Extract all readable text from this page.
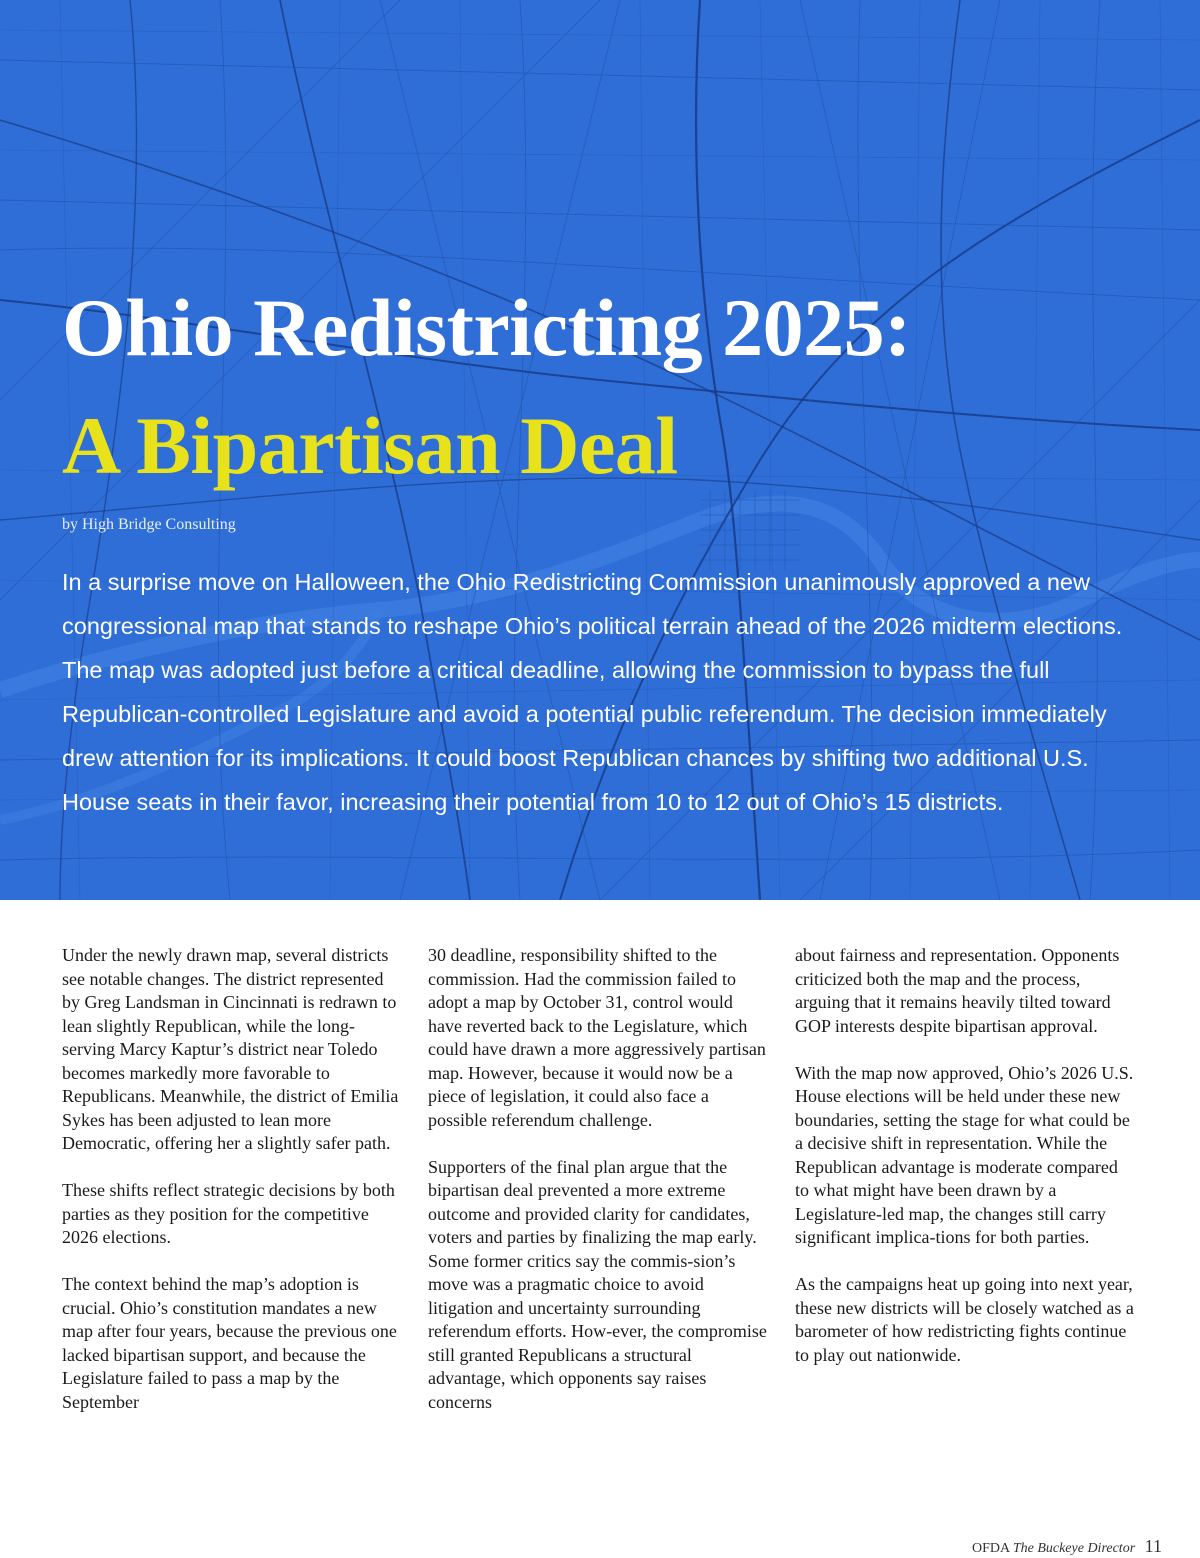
Ohio Redistricting 2025:
A Bipartisan Deal
by High Bridge Consulting
In a surprise move on Halloween, the Ohio Redistricting Commission unanimously approved a new congressional map that stands to reshape Ohio’s political terrain ahead of the 2026 midterm elections. The map was adopted just before a critical deadline, allowing the commission to bypass the full Republican-controlled Legislature and avoid a potential public referendum. The decision immediately drew attention for its implications. It could boost Republican chances by shifting two additional U.S. House seats in their favor, increasing their potential from 10 to 12 out of Ohio’s 15 districts.

Under the newly drawn map, several districts see notable changes. The district represented by Greg Landsman in Cincinnati is redrawn to lean slightly Republican, while the long-serving Marcy Kaptur’s district near Toledo becomes markedly more favorable to Republicans. Meanwhile, the district of Emilia Sykes has been adjusted to lean more Democratic, offering her a slightly safer path.

These shifts reflect strategic decisions by both parties as they position for the competitive 2026 elections.

The context behind the map’s adoption is crucial. Ohio’s constitution mandates a new map after four years, because the previous one lacked bipartisan support, and because the Legislature failed to pass a map by the September

30 deadline, responsibility shifted to the commission. Had the commission failed to adopt a map by October 31, control would have reverted back to the Legislature, which could have drawn a more aggressively partisan map. However, because it would now be a piece of legislation, it could also face a possible referendum challenge.

Supporters of the final plan argue that the bipartisan deal prevented a more extreme outcome and provided clarity for candidates, voters and parties by finalizing the map early. Some former critics say the commis-sion’s move was a pragmatic choice to avoid litigation and uncertainty surrounding referendum efforts. How-ever, the compromise still granted Republicans a structural advantage, which opponents say raises concerns

about fairness and representation. Opponents criticized both the map and the process, arguing that it remains heavily tilted toward GOP interests despite bipartisan approval.

With the map now approved, Ohio’s 2026 U.S. House elections will be held under these new boundaries, setting the stage for what could be a decisive shift in representation. While the Republican advantage is moderate compared to what might have been drawn by a Legislature-led map, the changes still carry significant implica-tions for both parties.

As the campaigns heat up going into next year, these new districts will be closely watched as a barometer of how redistricting fights continue to play out nationwide.

OFDA The Buckeye Director 11
